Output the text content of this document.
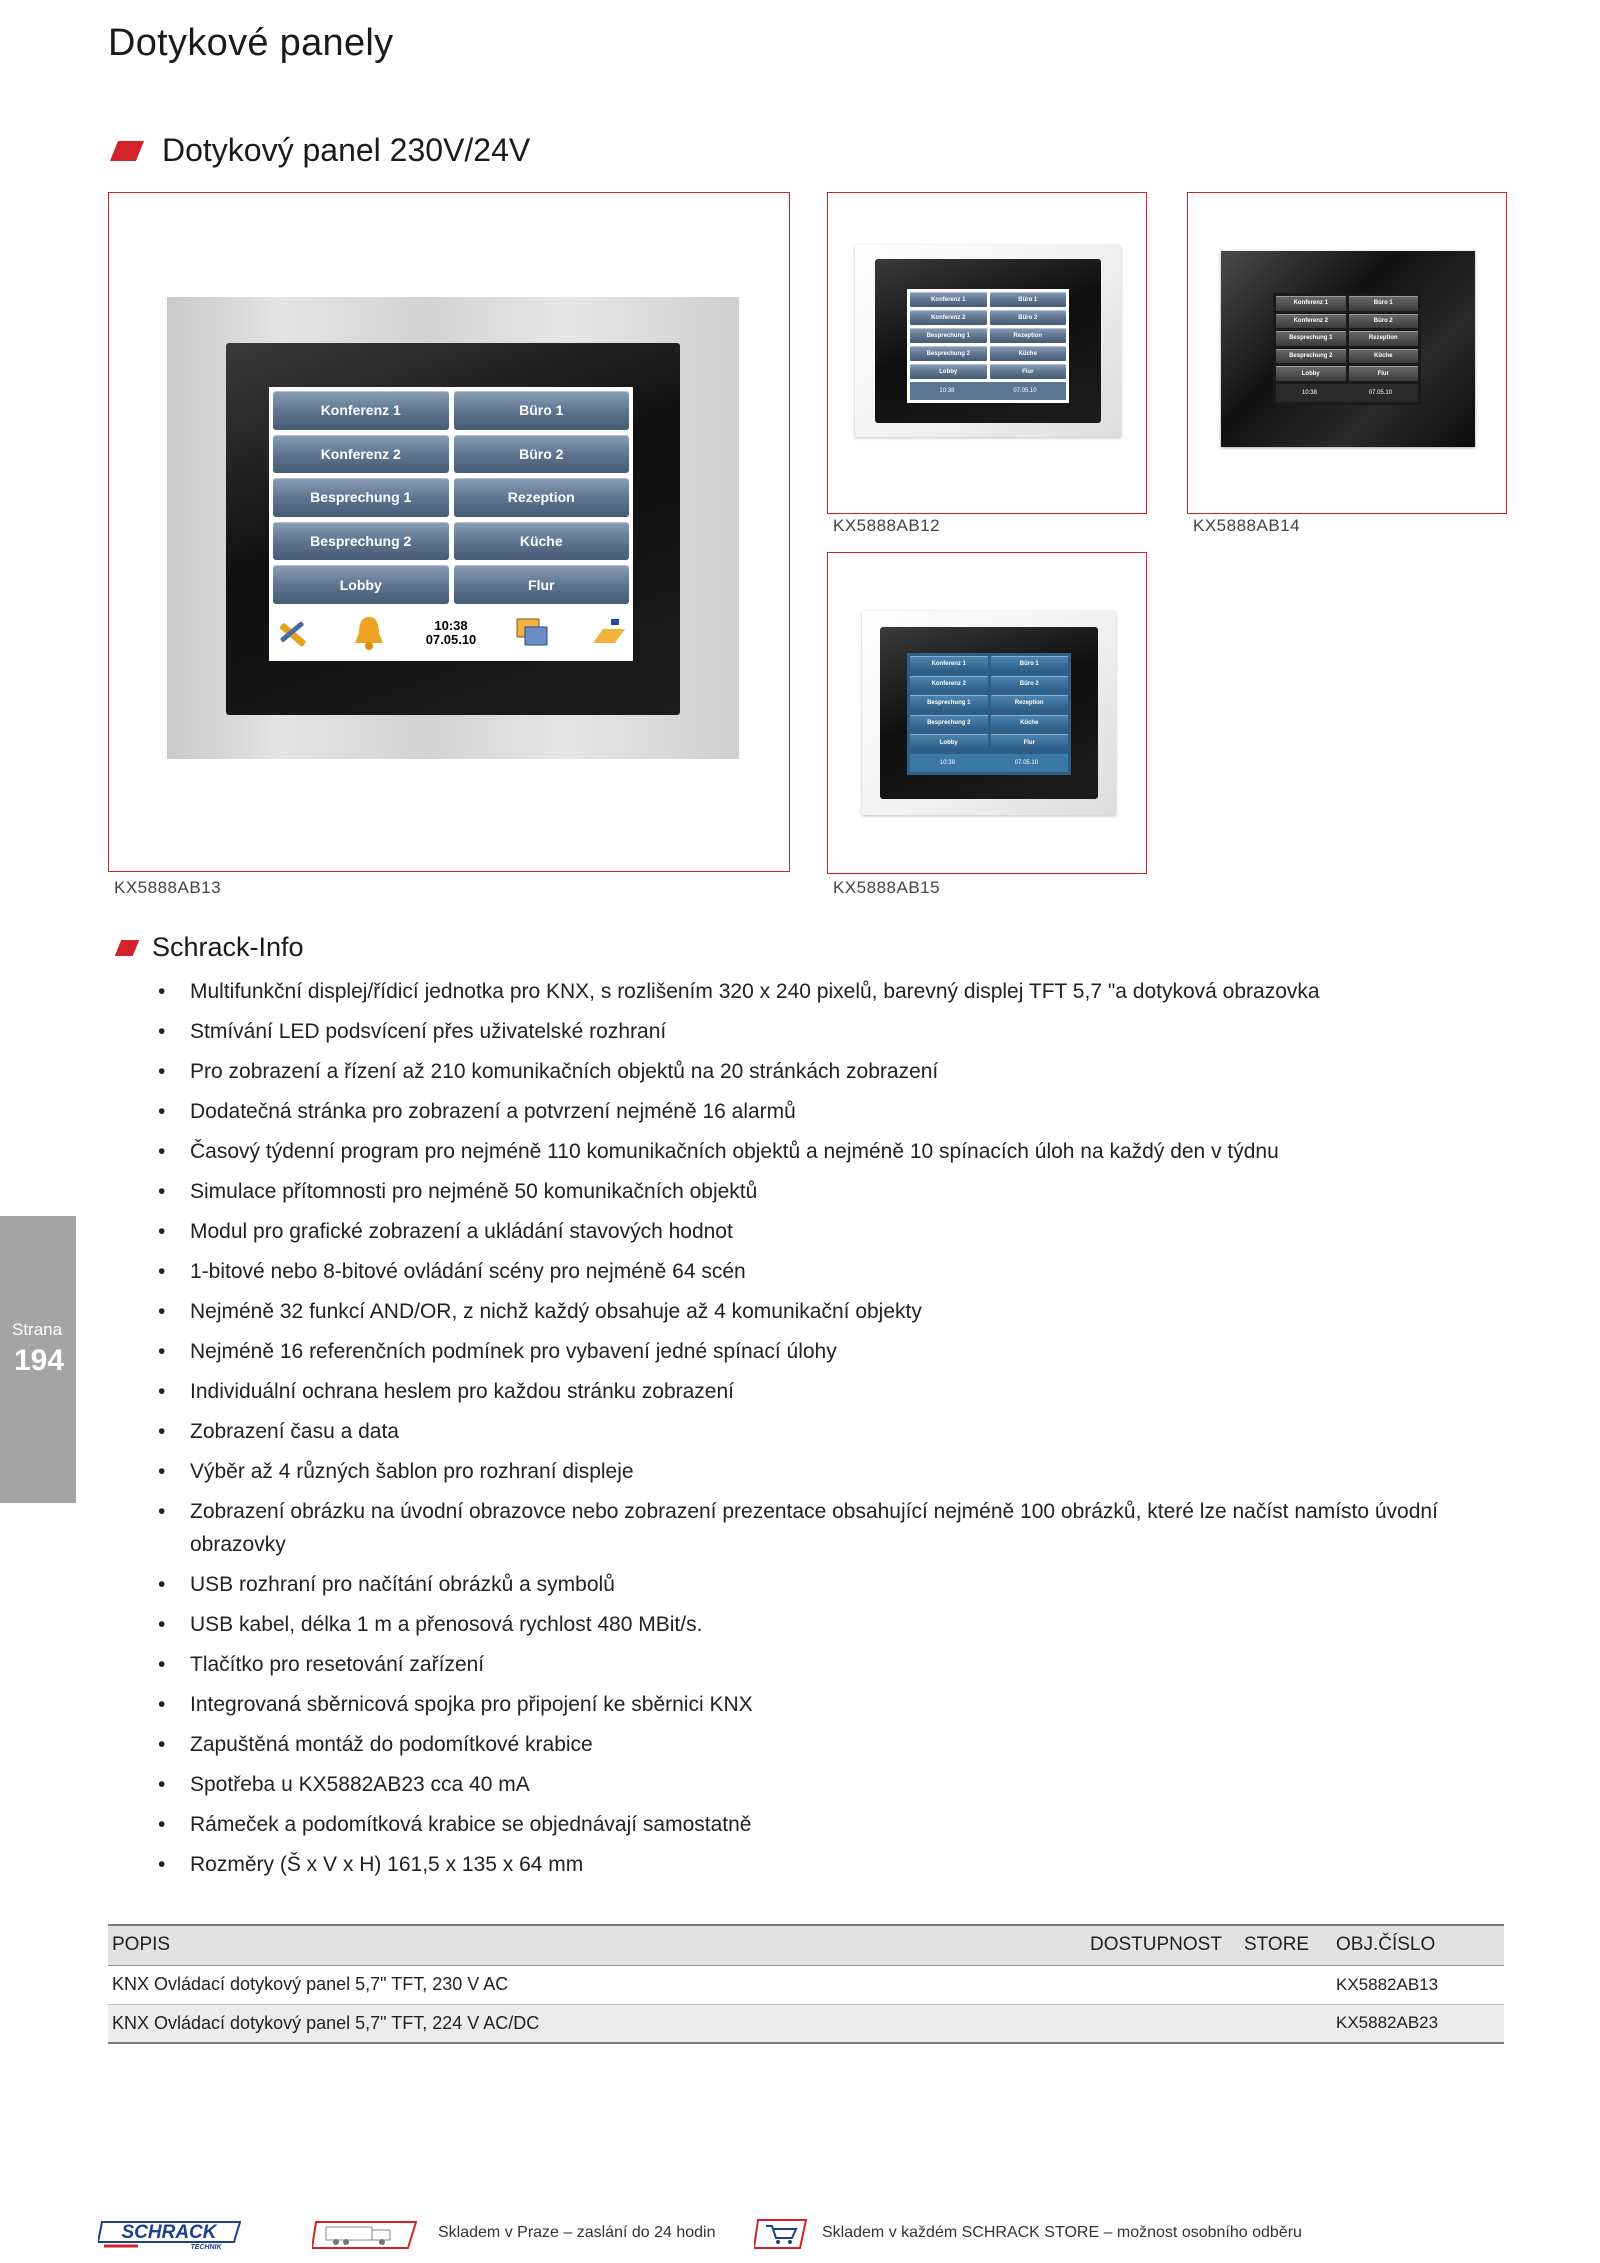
Dotykové panely
Dotykový panel 230V/24V
Konferenz 1	Büro 1
Konferenz 2	Büro 2
Besprechung 1	Rezeption
Besprechung 2	Küche
Lobby	Flur
10:38
07.05.10
KX5888AB13
Konferenz 1	Büro 1
Konferenz 2	Büro 2
Besprechung 1	Rezeption
Besprechung 2	Küche
Lobby	Flur
10:38	07.05.10
KX5888AB12
Konferenz 1	Büro 1
Konferenz 2	Büro 2
Besprechung 1	Rezeption
Besprechung 2	Küche
Lobby	Flur
10:38	07.05.10
KX5888AB14
Konferenz 1	Büro 1
Konferenz 2	Büro 2
Besprechung 1	Rezeption
Besprechung 2	Küche
Lobby	Flur
10:38	07.05.10
KX5888AB15
Schrack-Info
• Multifunkční displej/řídicí jednotka pro KNX, s rozlišením 320 x 240 pixelů, barevný displej TFT 5,7 "a dotyková obrazovka
• Stmívání LED podsvícení přes uživatelské rozhraní
• Pro zobrazení a řízení až 210 komunikačních objektů na 20 stránkách zobrazení
• Dodatečná stránka pro zobrazení a potvrzení nejméně 16 alarmů
• Časový týdenní program pro nejméně 110 komunikačních objektů a nejméně 10 spínacích úloh na každý den v týdnu
• Simulace přítomnosti pro nejméně 50 komunikačních objektů
• Modul pro grafické zobrazení a ukládání stavových hodnot
• 1-bitové nebo 8-bitové ovládání scény pro nejméně 64 scén
• Nejméně 32 funkcí AND/OR, z nichž každý obsahuje až 4 komunikační objekty
• Nejméně 16 referenčních podmínek pro vybavení jedné spínací úlohy
• Individuální ochrana heslem pro každou stránku zobrazení
• Zobrazení času a data
• Výběr až 4 různých šablon pro rozhraní displeje
• Zobrazení obrázku na úvodní obrazovce nebo zobrazení prezentace obsahující nejméně 100 obrázků, které lze načíst namísto úvodní obrazovky
• USB rozhraní pro načítání obrázků a symbolů
• USB kabel, délka 1 m a přenosová rychlost 480 MBit/s.
• Tlačítko pro resetování zařízení
• Integrovaná sběrnicová spojka pro připojení ke sběrnici KNX
• Zapuštěná montáž do podomítkové krabice
• Spotřeba u KX5882AB23 cca 40 mA
• Rámeček a podomítková krabice se objednávají samostatně
• Rozměry (Š x V x H) 161,5 x 135 x 64 mm
Strana
194
POPIS	DOSTUPNOST	STORE	OBJ.ČÍSLO
KNX Ovládací dotykový panel 5,7" TFT, 230 V AC			KX5882AB13
KNX Ovládací dotykový panel 5,7" TFT, 224 V AC/DC			KX5882AB23
SCHRACK
TECHNIK
Skladem v Praze – zaslání do 24 hodin	Skladem v každém SCHRACK STORE – možnost osobního odběru
